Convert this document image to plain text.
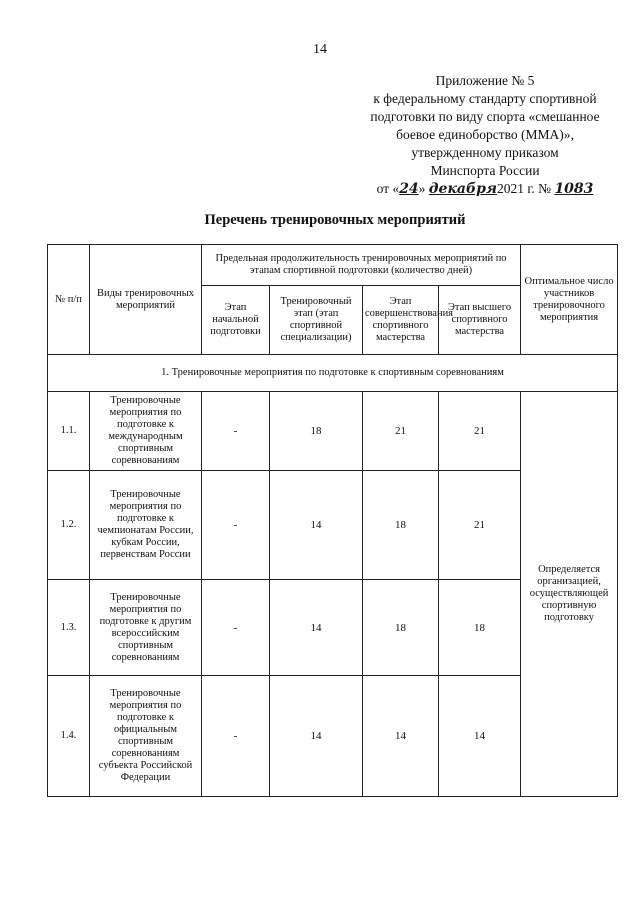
14
Приложение № 5
к федеральному стандарту спортивной
подготовки по виду спорта «смешанное
боевое единоборство (ММА)»,
утвержденному приказом
Минспорта России
от «24» декабря2021 г. № 1083
Перечень тренировочных мероприятий
№ п/п	Виды тренировочных мероприятий	Предельная продолжительность тренировочных мероприятий по этапам спортивной подготовки (количество дней)				Оптимальное число участников тренировочного мероприятия
		Этап начальной подготовки	Тренировочный этап (этап спортивной специализации)	Этап совершенствования спортивного мастерства	Этап высшего спортивного мастерства	
1. Тренировочные мероприятия по подготовке к спортивным соревнованиям						
1.1.	Тренировочные мероприятия по подготовке к международным спортивным соревнованиям	-	18	21	21	Определяется организацией, осуществляющей спортивную подготовку
1.2.	Тренировочные мероприятия по подготовке к чемпионатам России, кубкам России, первенствам России	-	14	18	21	
1.3.	Тренировочные мероприятия по подготовке к другим всероссийским спортивным соревнованиям	-	14	18	18	
1.4.	Тренировочные мероприятия по подготовке к официальным спортивным соревнованиям субъекта Российской Федерации	-	14	14	14	
